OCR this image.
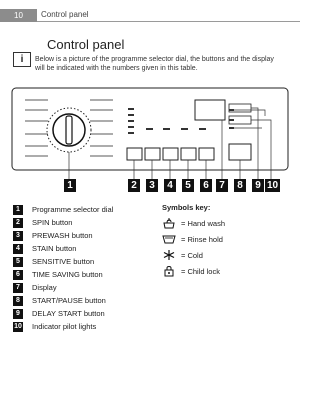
10	Control panel
Control panel
i	Below is a picture of the programme selector dial, the buttons and the display will be indicated with the numbers given in this table.
1	2	3	4	5	6	7	8	9 10
1	Programme selector dial
2	SPIN button
3	PREWASH button
4	STAIN button
5	SENSITIVE button
6	TIME SAVING button
7	Display
8	START/PAUSE button
9	DELAY START button
10 Indicator pilot lights
Symbols key:
= Hand wash
= Rinse hold
= Cold
= Child lock
